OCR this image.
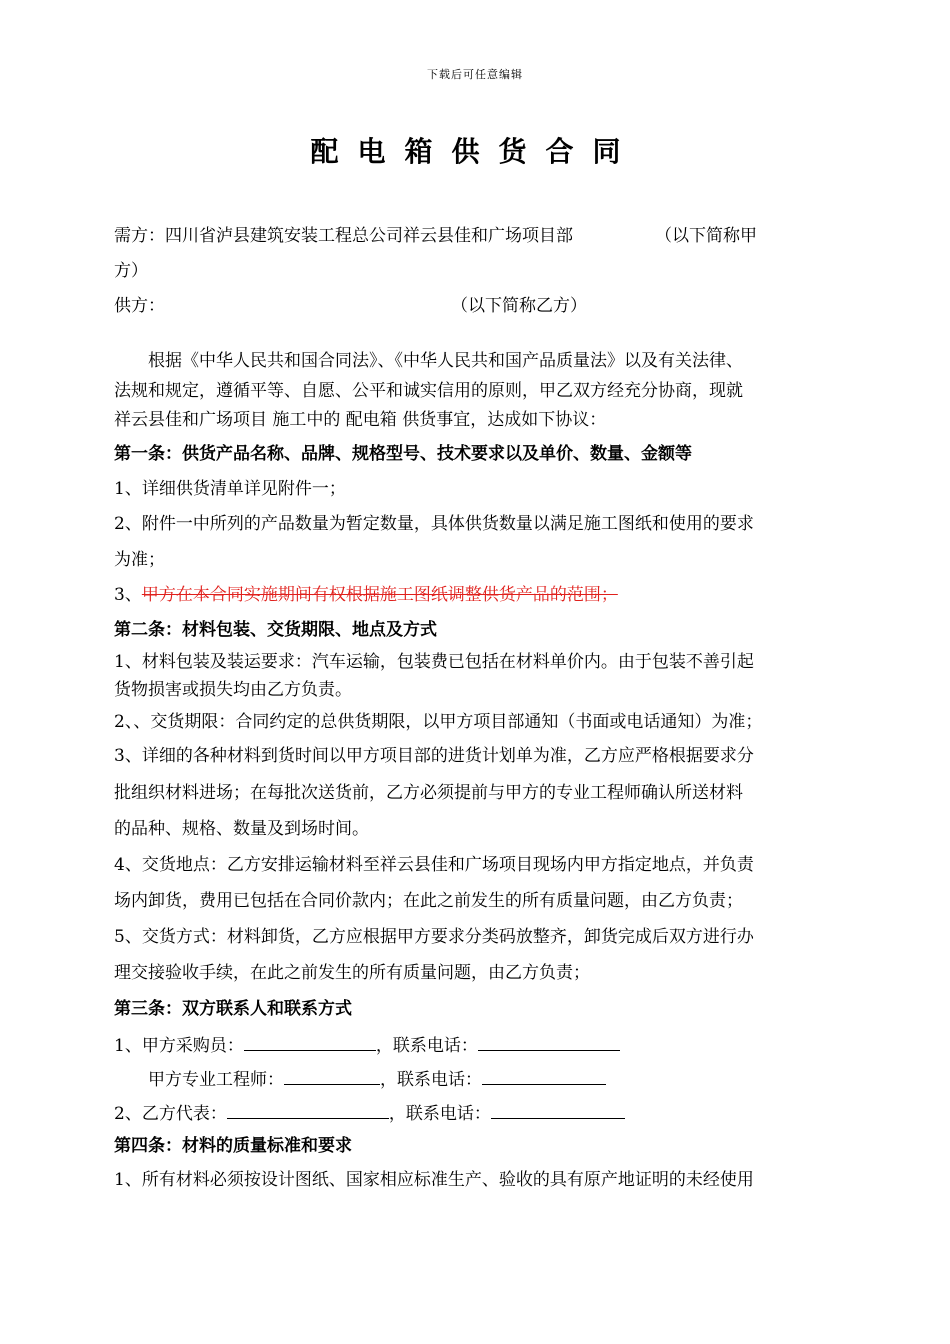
下载后可任意编辑
配电箱供货合同
需方：四川省泸县建筑安装工程总公司祥云县佳和广场项目部	（以下简称甲
方）
供方：	（以下简称乙方）
根据《中华人民共和国合同法》、《中华人民共和国产品质量法》以及有关法律、
法规和规定，遵循平等、自愿、公平和诚实信用的原则，甲乙双方经充分协商，现就
祥云县佳和广场项目 施工中的 配电箱 供货事宜，达成如下协议：
第一条：供货产品名称、品牌、规格型号、技术要求以及单价、数量、金额等
1、详细供货清单详见附件一；
2、附件一中所列的产品数量为暂定数量，具体供货数量以满足施工图纸和使用的要求
为准；
3、甲方在本合同实施期间有权根据施工图纸调整供货产品的范围；
第二条：材料包装、交货期限、地点及方式
1、材料包装及装运要求：汽车运输，包装费已包括在材料单价内。由于包装不善引起
货物损害或损失均由乙方负责。
2、、交货期限：合同约定的总供货期限，以甲方项目部通知（书面或电话通知）为准；
3、详细的各种材料到货时间以甲方项目部的进货计划单为准，乙方应严格根据要求分
批组织材料进场；在每批次送货前，乙方必须提前与甲方的专业工程师确认所送材料
的品种、规格、数量及到场时间。
4、交货地点：乙方安排运输材料至祥云县佳和广场项目现场内甲方指定地点，并负责
场内卸货，费用已包括在合同价款内；在此之前发生的所有质量问题，由乙方负责；
5、交货方式：材料卸货，乙方应根据甲方要求分类码放整齐，卸货完成后双方进行办
理交接验收手续，在此之前发生的所有质量问题，由乙方负责；
第三条：双方联系人和联系方式
1、甲方采购员：	，联系电话：
甲方专业工程师：	，联系电话：
2、乙方代表：	，联系电话：
第四条：材料的质量标准和要求
1、所有材料必须按设计图纸、国家相应标准生产、验收的具有原产地证明的未经使用
